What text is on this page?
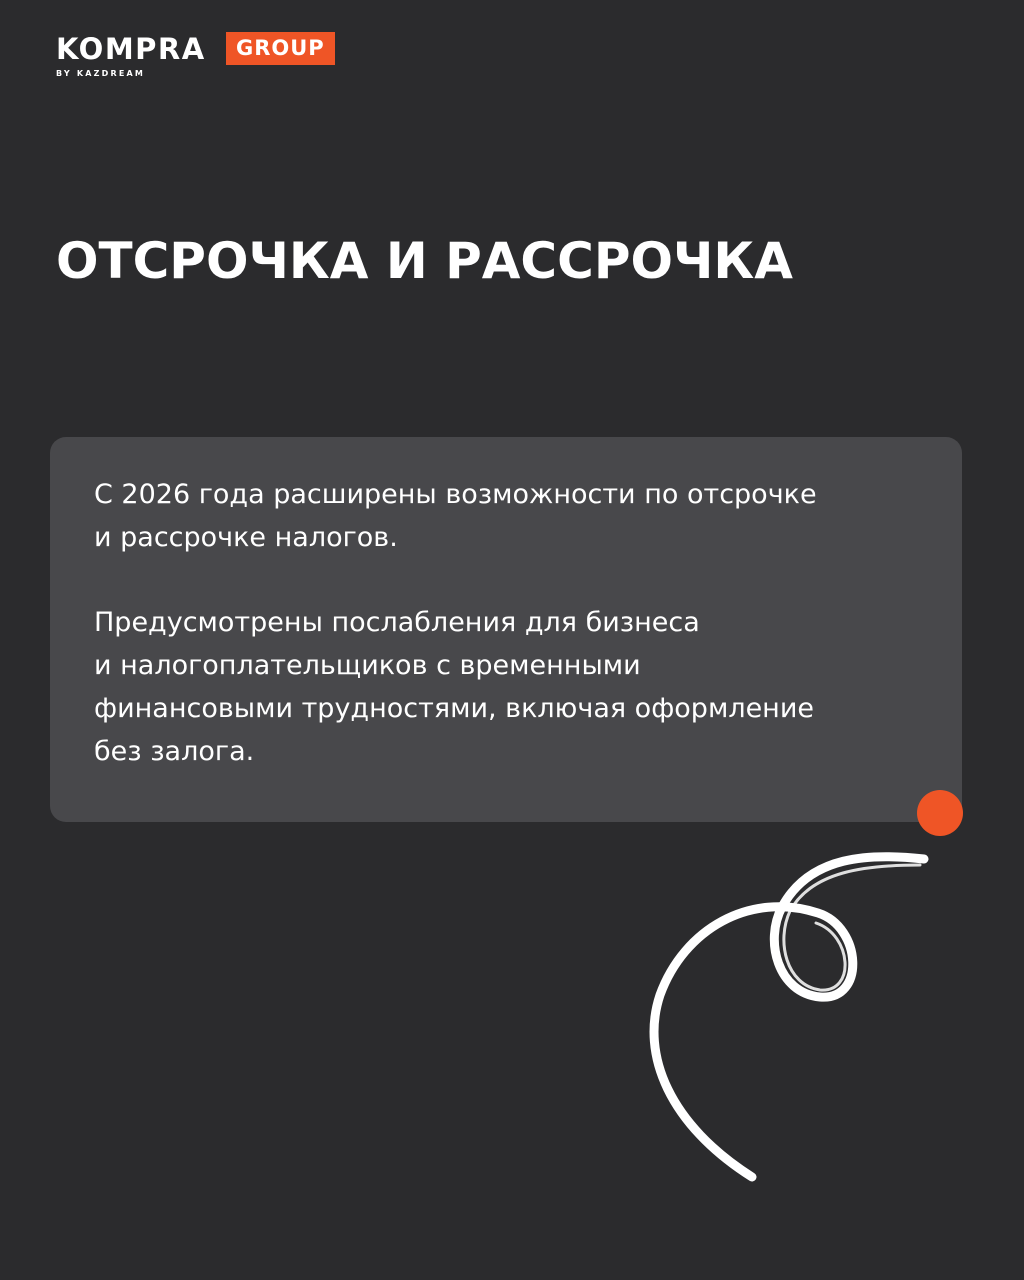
KOMPRA	GROUP
BY KAZDREAM
ОТСРОЧКА И РАССРОЧКА

С 2026 года расширены возможности по отсрочке
и рассрочке налогов.

Предусмотрены послабления для бизнеса
и налогоплательщиков с временными
финансовыми трудностями, включая оформление
без залога.
